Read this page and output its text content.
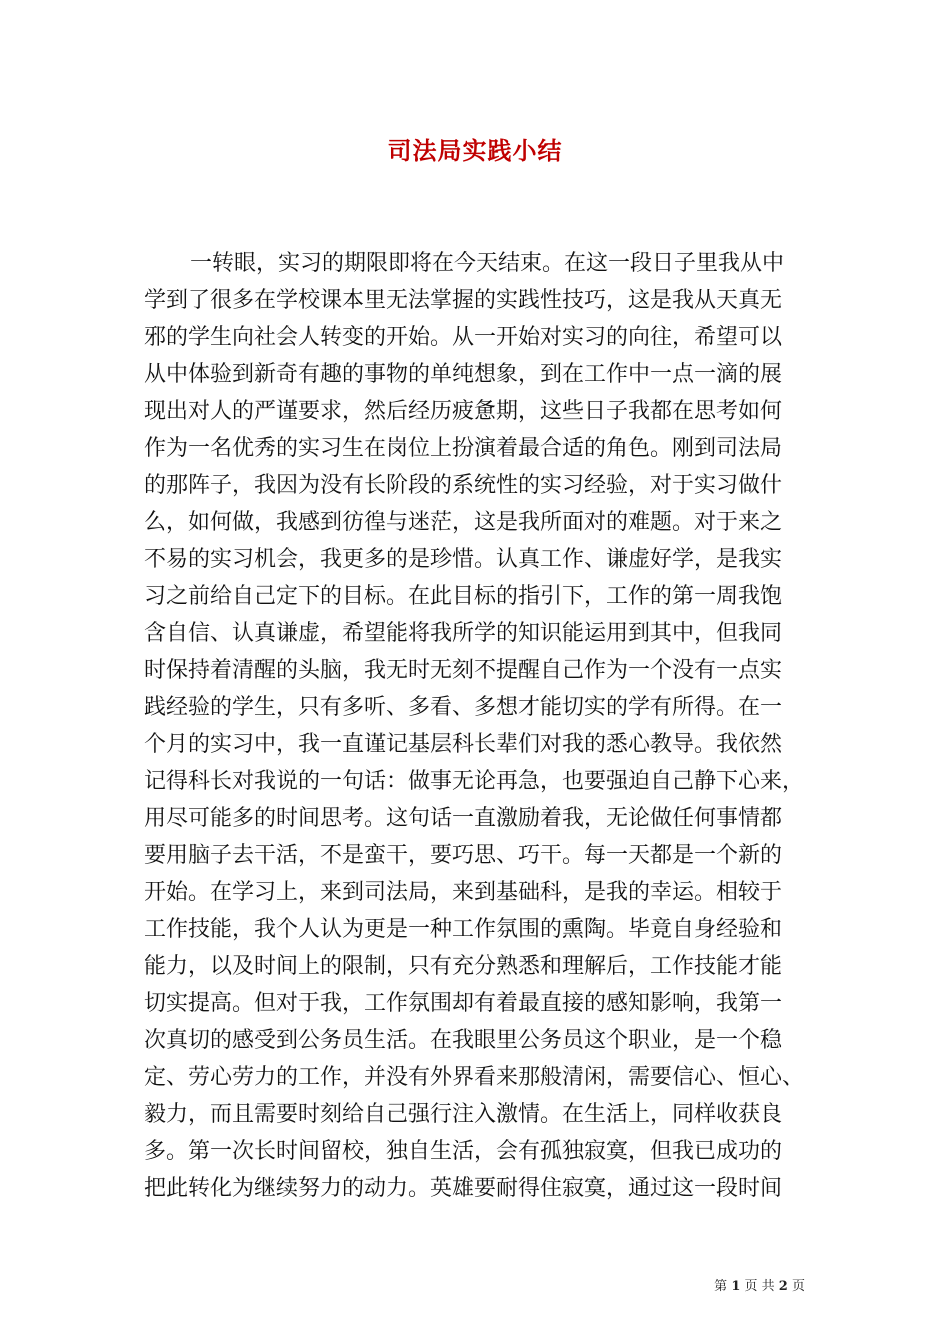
司法局实践小结
一转眼，实习的期限即将在今天结束。在这一段日子里我从中
学到了很多在学校课本里无法掌握的实践性技巧，这是我从天真无
邪的学生向社会人转变的开始。从一开始对实习的向往，希望可以
从中体验到新奇有趣的事物的单纯想象，到在工作中一点一滴的展
现出对人的严谨要求，然后经历疲惫期，这些日子我都在思考如何
作为一名优秀的实习生在岗位上扮演着最合适的角色。刚到司法局
的那阵子，我因为没有长阶段的系统性的实习经验，对于实习做什
么，如何做，我感到彷徨与迷茫，这是我所面对的难题。对于来之
不易的实习机会，我更多的是珍惜。认真工作、谦虚好学，是我实
习之前给自己定下的目标。在此目标的指引下，工作的第一周我饱
含自信、认真谦虚，希望能将我所学的知识能运用到其中，但我同
时保持着清醒的头脑，我无时无刻不提醒自己作为一个没有一点实
践经验的学生，只有多听、多看、多想才能切实的学有所得。在一
个月的实习中，我一直谨记基层科长辈们对我的悉心教导。我依然
记得科长对我说的一句话：做事无论再急，也要强迫自己静下心来，
用尽可能多的时间思考。这句话一直激励着我，无论做任何事情都
要用脑子去干活，不是蛮干，要巧思、巧干。每一天都是一个新的
开始。在学习上，来到司法局，来到基础科，是我的幸运。相较于
工作技能，我个人认为更是一种工作氛围的熏陶。毕竟自身经验和
能力，以及时间上的限制，只有充分熟悉和理解后，工作技能才能
切实提高。但对于我，工作氛围却有着最直接的感知影响，我第一
次真切的感受到公务员生活。在我眼里公务员这个职业，是一个稳
定、劳心劳力的工作，并没有外界看来那般清闲，需要信心、恒心、
毅力，而且需要时刻给自己强行注入激情。在生活上，同样收获良
多。第一次长时间留校，独自生活，会有孤独寂寞，但我已成功的
把此转化为继续努力的动力。英雄要耐得住寂寞，通过这一段时间
第 1 页 共 2 页
